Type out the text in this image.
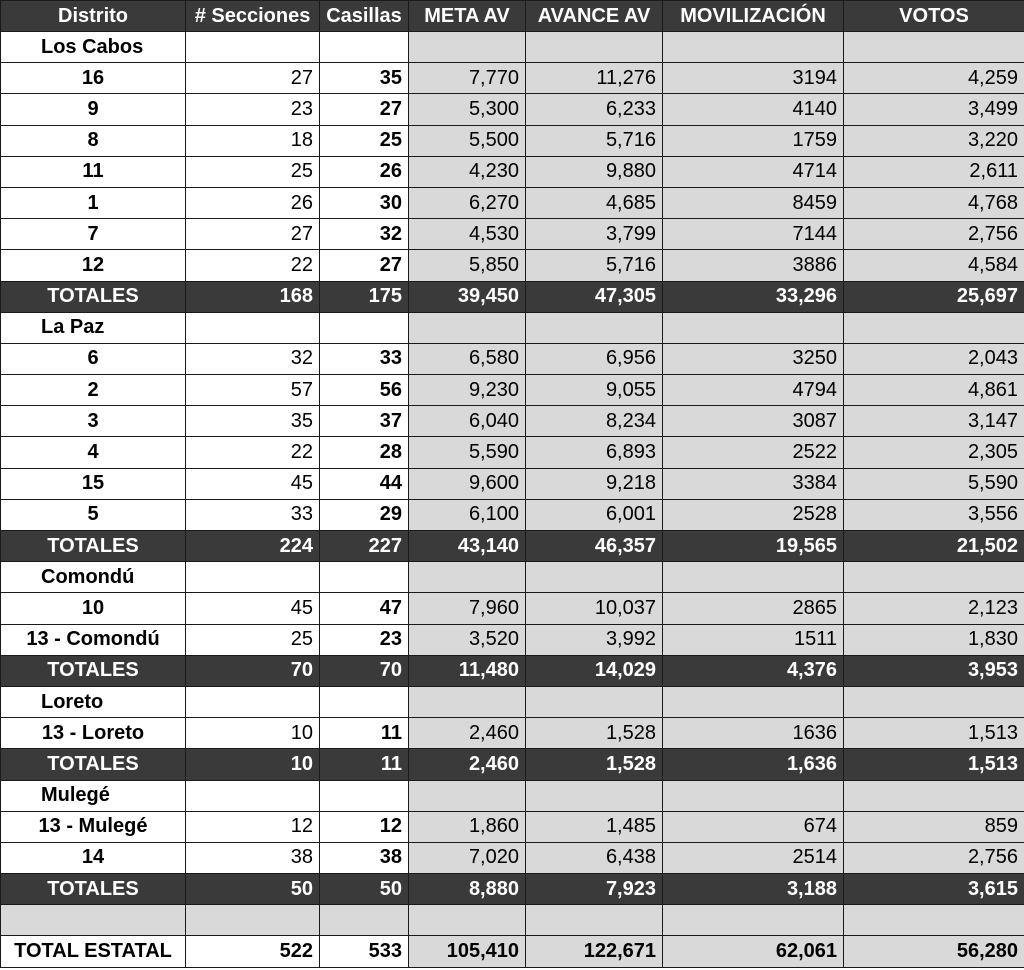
Distrito	# Secciones	Casillas	META AV	AVANCE AV	MOVILIZACIÓN	VOTOS
Los Cabos						
16	27	35	7,770	11,276	3194	4,259
9	23	27	5,300	6,233	4140	3,499
8	18	25	5,500	5,716	1759	3,220
11	25	26	4,230	9,880	4714	2,611
1	26	30	6,270	4,685	8459	4,768
7	27	32	4,530	3,799	7144	2,756
12	22	27	5,850	5,716	3886	4,584
TOTALES	168	175	39,450	47,305	33,296	25,697
La Paz						
6	32	33	6,580	6,956	3250	2,043
2	57	56	9,230	9,055	4794	4,861
3	35	37	6,040	8,234	3087	3,147
4	22	28	5,590	6,893	2522	2,305
15	45	44	9,600	9,218	3384	5,590
5	33	29	6,100	6,001	2528	3,556
TOTALES	224	227	43,140	46,357	19,565	21,502
Comondú						
10	45	47	7,960	10,037	2865	2,123
13 - Comondú	25	23	3,520	3,992	1511	1,830
TOTALES	70	70	11,480	14,029	4,376	3,953
Loreto						
13 - Loreto	10	11	2,460	1,528	1636	1,513
TOTALES	10	11	2,460	1,528	1,636	1,513
Mulegé						
13 - Mulegé	12	12	1,860	1,485	674	859
14	38	38	7,020	6,438	2514	2,756
TOTALES	50	50	8,880	7,923	3,188	3,615

TOTAL ESTATAL	522	533	105,410	122,671	62,061	56,280
